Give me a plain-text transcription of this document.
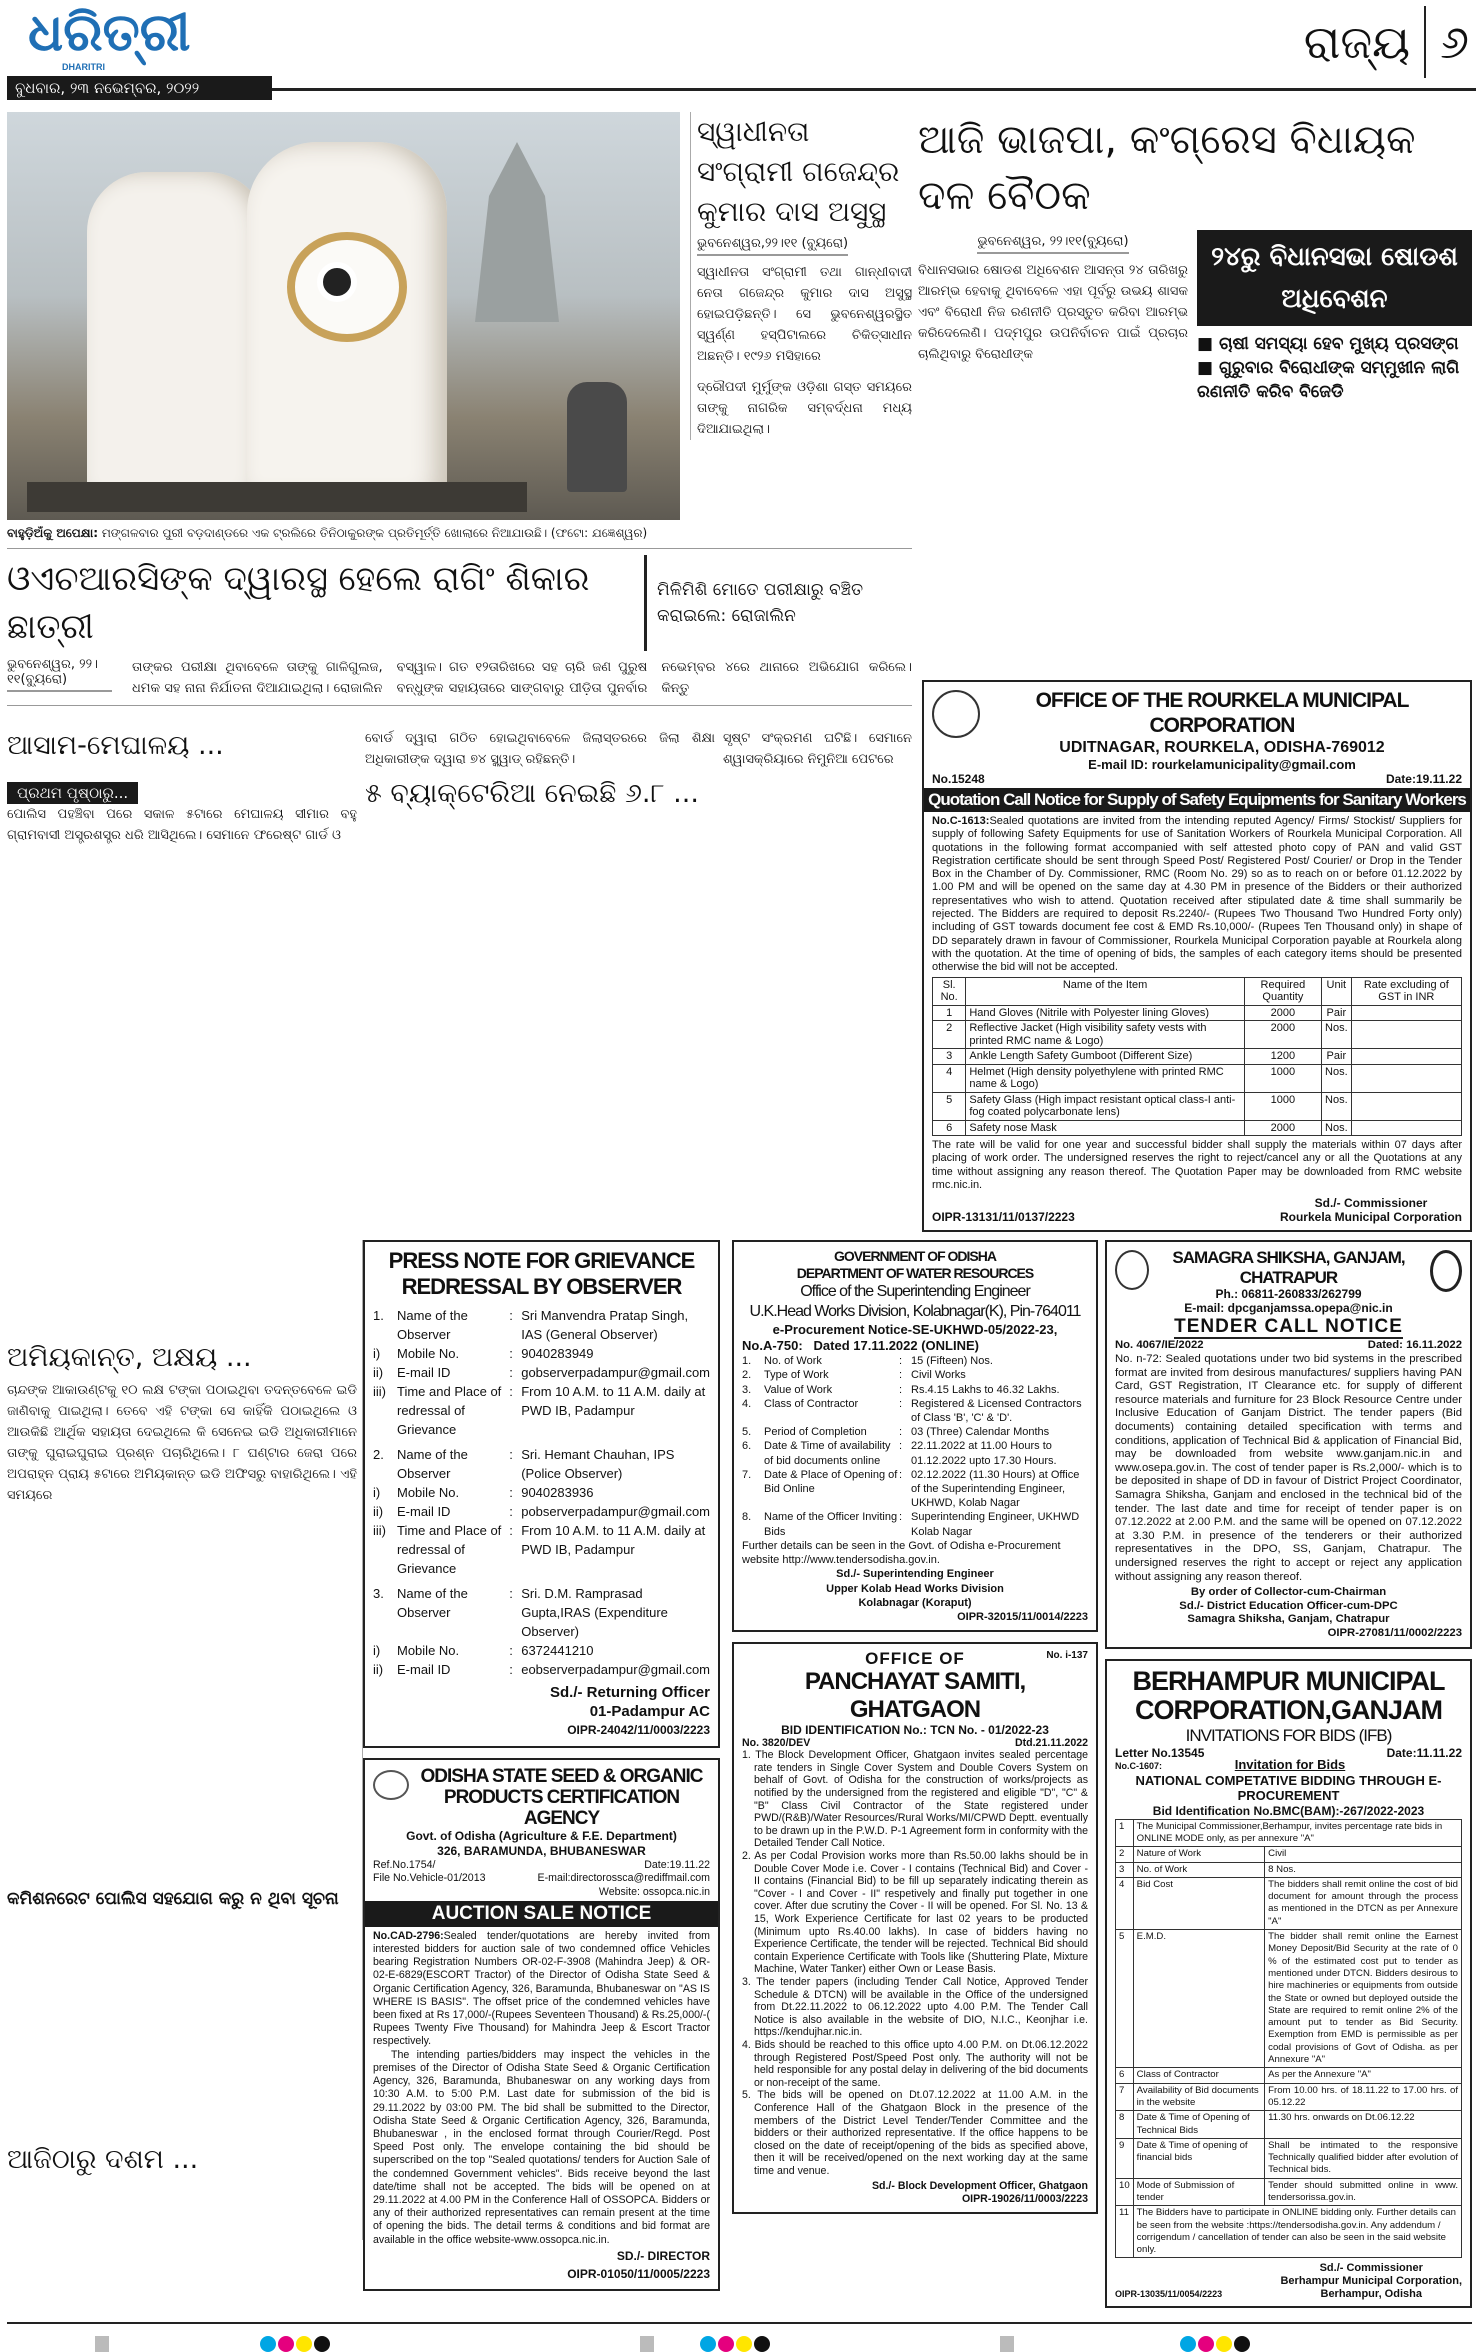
ଧରିତ୍ରୀ
DHARITRI
ବୁଧବାର, ୨୩ ନଭେମ୍ବର, ୨୦୨୨
ରାଜ୍ୟ ୬
ସ୍ୱାଧୀନତା ସଂଗ୍ରାମୀ ଗଜେନ୍ଦ୍ର କୁମାର ଦାସ ଅସୁସ୍ଥ
ଭୁବନେଶ୍ୱର,୨୨।୧୧ (ବ୍ୟୁରୋ)

ସ୍ୱାଧୀନତା ସଂଗ୍ରାମୀ ତଥା ଗାନ୍ଧୀବାଦୀ ନେତା ଗଜେନ୍ଦ୍ର କୁମାର ଦାସ ଅସୁସ୍ଥ ହୋଇପଡ଼ିଛନ୍ତି। ସେ ଭୁବନେଶ୍ୱରସ୍ଥିତ ସ୍ୱର୍ଣ୍ଣ ହସ୍ପିଟାଲରେ ଚିକିତ୍ସାଧୀନ ଅଛନ୍ତି। ୧୯୨୬ ମସିହାରେ

ଦ୍ରୌପଦୀ ମୁର୍ମୁଙ୍କ ଓଡ଼ିଶା ଗସ୍ତ ସମୟରେ ତାଙ୍କୁ ନାଗରିକ ସମ୍ବର୍ଦ୍ଧନା ମଧ୍ୟ ଦିଆଯାଇଥିଲା।

ବାହୁଡ଼ିଅଁକୁ ଅପେକ୍ଷା: ମଙ୍ଗଳବାର ପୁରୀ ବଡ଼ଦାଣ୍ଡରେ ଏକ ଟ୍ରଲିରେ ତିନିଠାକୁରଙ୍କ ପ୍ରତିମୂର୍ତ୍ତି ଖୋଲାରେ ନିଆଯାଉଛି। (ଫଟୋ: ଯଜ୍ଞେଶ୍ୱର)
ଓଏଚଆରସିଙ୍କ ଦ୍ୱାରସ୍ଥ ହେଲେ ରାଗିଂ ଶିକାର ଛାତ୍ରୀ
ମିଳିମିଶି ମୋତେ ପରୀକ୍ଷାରୁ ବଞ୍ଚିତ କରାଇଲେ: ରୋଜାଲିନ
ଭୁବନେଶ୍ୱର, ୨୨।୧୧(ବ୍ୟୁରୋ)

ତାଙ୍କର ପରୀକ୍ଷା ଥିବାବେଳେ ତାଙ୍କୁ ଗାଳିଗୁଲଜ, ଧମକ ସହ ନାନା ନିର୍ଯାତନା ଦିଆଯାଇଥିଲା। ରୋଜାଲିନ ବସ୍ୱାଳ। ଗତ ୧୨ତାରିଖରେ ସହ ଚାରି ଜଣ ପୁରୁଷ ବନ୍ଧୁଙ୍କ ସହାୟତାରେ ସାଙ୍ଗବାରୁ ପୀଡ଼ିତା ପୁନର୍ବାର ନଭେମ୍ବର ୪ରେ ଥାନାରେ ଅଭିଯୋଗ କରିଲେ। କିନ୍ତୁ

ଆସାମ-ମେଘାଳୟ ...
ପ୍ରଥମ ପୃଷ୍ଠାରୁ...

ପୋଲିସ ପହଞ୍ଚିବା ପରେ ସକାଳ ୫ଟାରେ ମେଘାଳୟ ସୀମାର ବହୁ ଗ୍ରାମବାସୀ ଅସ୍ତ୍ରଶସ୍ତ୍ର ଧରି ଆସିଥିଲେ। ସେମାନେ ଫରେଷ୍ଟ ଗାର୍ଡ ଓ

ବୋର୍ଡ ଦ୍ୱାରା ଗଠିତ ହୋଇଥିବାବେଳେ ଜିଲାସ୍ତରରେ ଜିଲା ଶିକ୍ଷା ଅଧିକାରୀଙ୍କ ଦ୍ୱାରା ୭୪ ସ୍କ୍ୱାଡ୍ ରହିଛନ୍ତି।

୫ ବ୍ୟାକ୍ଟେରିଆ ନେଇଛି ୬.୮ ...

ସୃଷ୍ଟ ସଂକ୍ରମଣ ଘଟିଛି। ସେମାନେ ଶ୍ୱାସକ୍ରିୟାରେ ନିମୁନିଆ ପେଟରେ

ଆଜି ଭାଜପା, କଂଗ୍ରେସ ବିଧାୟକ ଦଳ ବୈଠକ
ଭୁବନେଶ୍ୱର, ୨୨।୧୧(ବ୍ୟୁରୋ)

ବିଧାନସଭାର ଷୋଡଶ ଅଧିବେଶନ ଆସନ୍ତା ୨୪ ତାରିଖରୁ ଆରମ୍ଭ ହେବାକୁ ଥିବାବେଳେ ଏହା ପୂର୍ବରୁ ଉଭୟ ଶାସକ ଏବଂ ବିରୋଧୀ ନିଜ ରଣନୀତି ପ୍ରସ୍ତୁତ କରିବା ଆରମ୍ଭ କରିଦେଲେଣି। ପଦ୍ମପୁର ଉପନିର୍ବାଚନ ପାଇଁ ପ୍ରଚାର ଚାଲିଥିବାରୁ ବିରୋଧୀଙ୍କ

୨୪ରୁ ବିଧାନସଭା ଷୋଡଶ ଅଧିବେଶନ
■ ଚାଷୀ ସମସ୍ୟା ହେବ ମୁଖ୍ୟ ପ୍ରସଙ୍ଗ
■ ଗୁରୁବାର ବିରୋଧୀଙ୍କ ସମ୍ମୁଖୀନ ଲାଗି ରଣନୀତି କରିବ ବିଜେଡି
OFFICE OF THE ROURKELA MUNICIPAL CORPORATION
UDITNAGAR, ROURKELA, ODISHA-769012
E-mail ID: rourkelamunicipality@gmail.com
No.15248	Date:19.11.22
Quotation Call Notice for Supply of Safety Equipments for Sanitary Workers

No.C-1613:Sealed quotations are invited from the intending reputed Agency/ Firms/ Stockist/ Suppliers for supply of following Safety Equipments for use of Sanitation Workers of Rourkela Municipal Corporation. All quotations in the following format accompanied with self attested photo copy of PAN and valid GST Registration certificate should be sent through Speed Post/ Registered Post/ Courier/ or Drop in the Tender Box in the Chamber of Dy. Commissioner, RMC (Room No. 29) so as to reach on or before 01.12.2022 by 1.00 PM and will be opened on the same day at 4.30 PM in presence of the Bidders or their authorized representatives who wish to attend. Quotation received after stipulated date & time shall summarily be rejected. The Bidders are required to deposit Rs.2240/- (Rupees Two Thousand Two Hundred Forty only) including of GST towards document fee cost & EMD Rs.10,000/- (Rupees Ten Thousand only) in shape of DD separately drawn in favour of Commissioner, Rourkela Municipal Corporation payable at Rourkela along with the quotation. At the time of opening of bids, the samples of each category items should be presented otherwise the bid will not be accepted.

Sl. No.	Name of the Item	Required Quantity	Unit	Rate excluding of GST in INR
1	Hand Gloves (Nitrile with Polyester lining Gloves)	2000	Pair	
2	Reflective Jacket (High visibility safety vests with printed RMC name & Logo)	2000	Nos.	
3	Ankle Length Safety Gumboot (Different Size)	1200	Pair	
4	Helmet (High density polyethylene with printed RMC name & Logo)	1000	Nos.	
5	Safety Glass (High impact resistant optical class-I anti-fog coated polycarbonate lens)	1000	Nos.	
6	Safety nose Mask	2000	Nos.	

The rate will be valid for one year and successful bidder shall supply the materials within 07 days after placing of work order. The undersigned reserves the right to reject/cancel any or all the Quotations at any time without assigning any reason thereof. The Quotation Paper may be downloaded from RMC website rmc.nic.in.

OIPR-13131/11/0137/2223
Sd./- Commissioner
Rourkela Municipal Corporation
ଅମିୟକାନ୍ତ, ଅକ୍ଷୟ ...

ଚାନ୍ଦଙ୍କ ଆକାଉଣ୍ଟକୁ ୧୦ ଲକ୍ଷ ଟଙ୍କା ପଠାଇଥିବା ତଦନ୍ତବେଳେ ଇଡି ଜାଣିବାକୁ ପାଇଥିଲା। ତେବେ ଏହି ଟଙ୍କା ସେ କାହିଁକି ପଠାଇଥିଲେ ଓ ଆଉକିଛି ଆର୍ଥିକ ସହାୟତା ଦେଇଥିଲେ କି ସେନେଇ ଇଡି ଅଧିକାରୀମାନେ ତାଙ୍କୁ ଘୁରାଇଘୁରାଇ ପ୍ରଶ୍ନ ପଚାରିଥିଲେ। ୮ ଘଣ୍ଟାର ଜେରା ପରେ ଅପରାହ୍ନ ପ୍ରାୟ ୫ଟାରେ ଅମିୟକାନ୍ତ ଇଡି ଅଫିସରୁ ବାହାରିଥିଲେ। ଏହି ସମୟରେ

କମିଶନରେଟ ପୋଲିସ ସହଯୋଗ କରୁ ନ ଥିବା ସୂଚନା
ଆଜିଠାରୁ ଦଶମ ...
PRESS NOTE FOR GRIEVANCE REDRESSAL BY OBSERVER
1.	Name of the Observer
: Sri Manvendra Pratap Singh, IAS (General Observer)
i)	Mobile No.	: 9040283949
ii)	E-mail ID	: gobserverpadampur@gmail.com
iii) Time and Place of redressal of Grievance
: From 10 A.M. to 11 A.M. daily at PWD IB, Padampur
2.	Name of the Observer
: Sri. Hemant Chauhan, IPS (Police Observer)
i)	Mobile No.	: 9040283936
ii)	E-mail ID	: pobserverpadampur@gmail.com
iii) Time and Place of redressal of Grievance
: From 10 A.M. to 11 A.M. daily at PWD IB, Padampur
3.	Name of the Observer
: Sri. D.M. Ramprasad Gupta,IRAS (Expenditure Observer)
i)	Mobile No.	: 6372441210
ii)	E-mail ID	: eobserverpadampur@gmail.com
Sd./- Returning Officer
01-Padampur AC
OIPR-24042/11/0003/2223
ODISHA STATE SEED & ORGANIC PRODUCTS CERTIFICATION AGENCY
Govt. of Odisha (Agriculture & F.E. Department)
326, BARAMUNDA, BHUBANESWAR
Ref.No.1754/	Date:19.11.22
File No.Vehicle-01/2013	E-mail:directorossca@rediffmail.com
Website: ossopca.nic.in
AUCTION SALE NOTICE

No.CAD-2796:Sealed tender/quotations are hereby invited from interested bidders for auction sale of two condemned office Vehicles bearing Registration Numbers OR-02-F-3908 (Mahindra Jeep) & OR-02-E-6829(ESCORT Tractor) of the Director of Odisha State Seed & Organic Certification Agency, 326, Baramunda, Bhubaneswar on "AS IS WHERE IS BASIS". The offset price of the condemned vehicles have been fixed at Rs 17,000/-(Rupees Seventeen Thousand) & Rs.25,000/-( Rupees Twenty Five Thousand) for Mahindra Jeep & Escort Tractor respectively.

The intending parties/bidders may inspect the vehicles in the premises of the Director of Odisha State Seed & Organic Certification Agency, 326, Baramunda, Bhubaneswar on any working days from 10:30 A.M. to 5:00 P.M. Last date for submission of the bid is 29.11.2022 by 03:00 PM. The bid shall be submitted to the Director, Odisha State Seed & Organic Certification Agency, 326, Baramunda, Bhubaneswar , in the enclosed format through Courier/Regd. Post Speed Post only. The envelope containing the bid should be superscribed on the top "Sealed quotations/ tenders for Auction Sale of the condemned Government vehicles". Bids receive beyond the last date/time shall not be accepted. The bids will be opened on at 29.11.2022 at 4.00 PM in the Conference Hall of OSSOPCA. Bidders or any of their authorized representatives can remain present at the time of opening the bids. The detail terms & conditions and bid format are available in the office website-www.ossopca.nic.in.

SD./- DIRECTOR
OIPR-01050/11/0005/2223
GOVERNMENT OF ODISHA
DEPARTMENT OF WATER RESOURCES
Office of the Superintending Engineer
U.K.Head Works Division, Kolabnagar(K), Pin-764011
e-Procurement Notice-SE-UKHWD-05/2022-23,
No.A-750: Dated 17.11.2022 (ONLINE)
1.	No. of Work	: 15 (Fifteen) Nos.
2.	Type of Work	: Civil Works
3.	Value of Work	: Rs.4.15 Lakhs to 46.32 Lakhs.
4.	Class of Contractor	: Registered & Licensed Contractors of Class 'B', 'C' & 'D'.
5.	Period of Completion	: 03 (Three) Calendar Months
6.	Date & Time of availability of bid documents online
: 22.11.2022 at 11.00 Hours to 01.12.2022 upto 17.30 Hours.
7.	Date & Place of Opening of Bid Online
: 02.12.2022 (11.30 Hours) at Office of the Superintending Engineer, UKHWD, Kolab Nagar
8.	Name of the Officer Inviting Bids
: Superintending Engineer, UKHWD Kolab Nagar

Further details can be seen in the Govt. of Odisha e-Procurement website http://www.tendersodisha.gov.in.

Sd./- Superintending Engineer
Upper Kolab Head Works Division
Kolabnagar (Koraput)
OIPR-32015/11/0014/2223
OFFICE OF	No. i-137
PANCHAYAT SAMITI, GHATGAON
BID IDENTIFICATION No.: TCN No. - 01/2022-23
No. 3820/DEV	Dtd.21.11.2022

1. The Block Development Officer, Ghatgaon invites sealed percentage rate tenders in Single Cover System and Double Covers System on behalf of Govt. of Odisha for the construction of works/projects as notified by the undersigned from the registered and eligible "D", "C" & "B" Class Civil Contractor of the State registered under PWD/(R&B)/Water Resources/Rural Works/MI/CPWD Deptt. eventually to be drawn up in the P.W.D. P-1 Agreement form in conformity with the Detailed Tender Call Notice.

2. As per Codal Provision works more than Rs.50.00 lakhs should be in Double Cover Mode i.e. Cover - I contains (Technical Bid) and Cover - II contains (Financial Bid) to be fill up separately indicating therein as "Cover - I and Cover - II" respetively and finally put together in one cover. After due scrutiny the Cover - II will be opened. For Sl. No. 13 & 15, Work Experience Certificate for last 02 years to be producted (Minimum upto Rs.40.00 lakhs). In case of bidders having no Experience Certificate, the tender will be rejected. Technical Bid should contain Experience Certificate with Tools like (Shuttering Plate, Mixture Machine, Water Tanker) either Own or Lease Basis.

3. The tender papers (including Tender Call Notice, Approved Tender Schedule & DTCN) will be available in the Office of the undersigned from Dt.22.11.2022 to 06.12.2022 upto 4.00 P.M. The Tender Call Notice is also available in the website of DIO, N.I.C., Keonjhar i.e. https://kendujhar.nic.in.

4. Bids should be reached to this office upto 4.00 P.M. on Dt.06.12.2022 through Registered Post/Speed Post only. The authority will not be held responsible for any postal delay in delivering of the bid documents or non-receipt of the same.

5. The bids will be opened on Dt.07.12.2022 at 11.00 A.M. in the Conference Hall of the Ghatgaon Block in the presence of the members of the District Level Tender/Tender Committee and the bidders or their authorized representative. If the office happens to be closed on the date of receipt/opening of the bids as specified above, then it will be received/opened on the next working day at the same time and venue.

Sd./- Block Development Officer, Ghatgaon
OIPR-19026/11/0003/2223
SAMAGRA SHIKSHA, GANJAM, CHATRAPUR
Ph.: 06811-260833/262799
E-mail: dpcganjamssa.opepa@nic.in
TENDER CALL NOTICE
No. 4067/IE/2022	Dated: 16.11.2022

No. n-72: Sealed quotations under two bid systems in the prescribed format are invited from desirous manufactures/ suppliers having PAN Card, GST Registration, IT Clearance etc. for supply of different resource materials and furniture for 23 Block Resource Centre under Inclusive Education of Ganjam District. The tender papers (Bid documents) containing detailed specification with terms and conditions, application of Technical Bid & application of Financial Bid, may be downloaded from website www.ganjam.nic.in and www.osepa.gov.in. The cost of tender paper is Rs.2,000/- which is to be deposited in shape of DD in favour of District Project Coordinator, Samagra Shiksha, Ganjam and enclosed in the technical bid of the tender. The last date and time for receipt of tender paper is on 07.12.2022 at 2.00 P.M. and the same will be opened on 07.12.2022 at 3.30 P.M. in presence of the tenderers or their authorized representatives in the DPO, SS, Ganjam, Chatrapur. The undersigned reserves the right to accept or reject any application without assigning any reason thereof.

By order of Collector-cum-Chairman
Sd./- District Education Officer-cum-DPC
Samagra Shiksha, Ganjam, Chatrapur
OIPR-27081/11/0002/2223
BERHAMPUR MUNICIPAL CORPORATION,GANJAM
INVITATIONS FOR BIDS (IFB)
Letter No.13545	Date:11.11.22
No.C-1607:	Invitation for Bids
NATIONAL COMPETATIVE BIDDING THROUGH E-PROCUREMENT
Bid Identification No.BMC(BAM):-267/2022-2023
1	The Municipal Commissioner,Berhampur, invites percentage rate bids in ONLINE MODE only, as per annexure "A"	
2	Nature of Work	Civil
3	No. of Work	8 Nos.
4	Bid Cost	The bidders shall remit online the cost of bid document for amount through the process as mentioned in the DTCN as per Annexure "A"
5	E.M.D.	The bidder shall remit online the Earnest Money Deposit/Bid Security at the rate of 0 % of the estimated cost put to tender as mentioned under DTCN. Bidders desirous to hire machineries or equipments from outside the State or owned but deployed outside the State are required to remit online 2% of the amount put to tender as Bid Security. Exemption from EMD is permissible as per codal provisions of Govt of Odisha. as per Annexure "A"
6	Class of Contractor	As per the Annexure "A"
7	Availability of Bid documents in the website	From 10.00 hrs. of 18.11.22 to 17.00 hrs. of 05.12.22
8	Date & Time of Opening of Technical Bids	11.30 hrs. onwards on Dt.06.12.22
9	Date & Time of opening of financial bids	Shall be intimated to the responsive Technically qualified bidder after evolution of Technical bids.
10	Mode of Submission of tender	Tender should submitted online in www. tendersorissa.gov.in.
11	The Bidders have to participate in ONLINE bidding only. Further details can be seen from the website :https://tendersodisha.gov.in. Any addendum / corrigendum / cancellation of tender can also be seen in the said website only.	
OIPR-13035/11/0054/2223
Sd./- Commissioner
Berhampur Municipal Corporation,
Berhampur, Odisha
